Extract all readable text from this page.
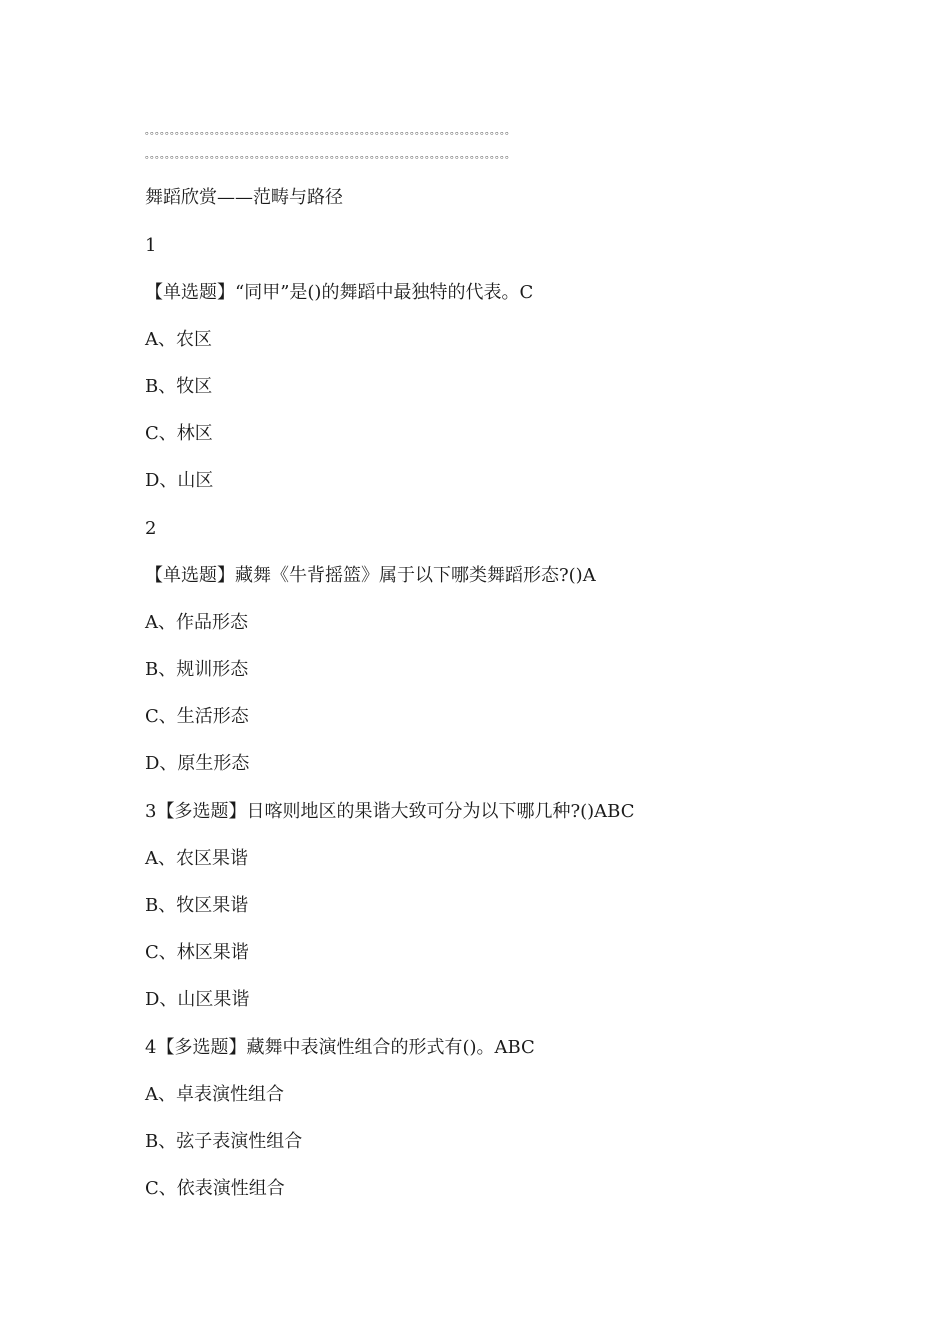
。。。。。。。。。。。。。。。。。。。。。。。。。。。。。。。。。。。。。。。。。。。。。。。。。。。。。。。。。。。。。。。。。。。。。。。。。
。。。。。。。。。。。。。。。。。。。。。。。。。。。。。。。。。。。。。。。。。。。。。。。。。。。。。。。。。。。。。。。。。。。。。。。。。
舞蹈欣赏——范畴与路径
1
【单选题】“同甲”是()的舞蹈中最独特的代表。C
A、农区
B、牧区
C、林区
D、山区
2
【单选题】藏舞《牛背摇篮》属于以下哪类舞蹈形态?()A
A、作品形态
B、规训形态
C、生活形态
D、原生形态
3【多选题】日喀则地区的果谐大致可分为以下哪几种?()ABC
A、农区果谐
B、牧区果谐
C、林区果谐
D、山区果谐
4【多选题】藏舞中表演性组合的形式有()。ABC
A、卓表演性组合
B、弦子表演性组合
C、依表演性组合
